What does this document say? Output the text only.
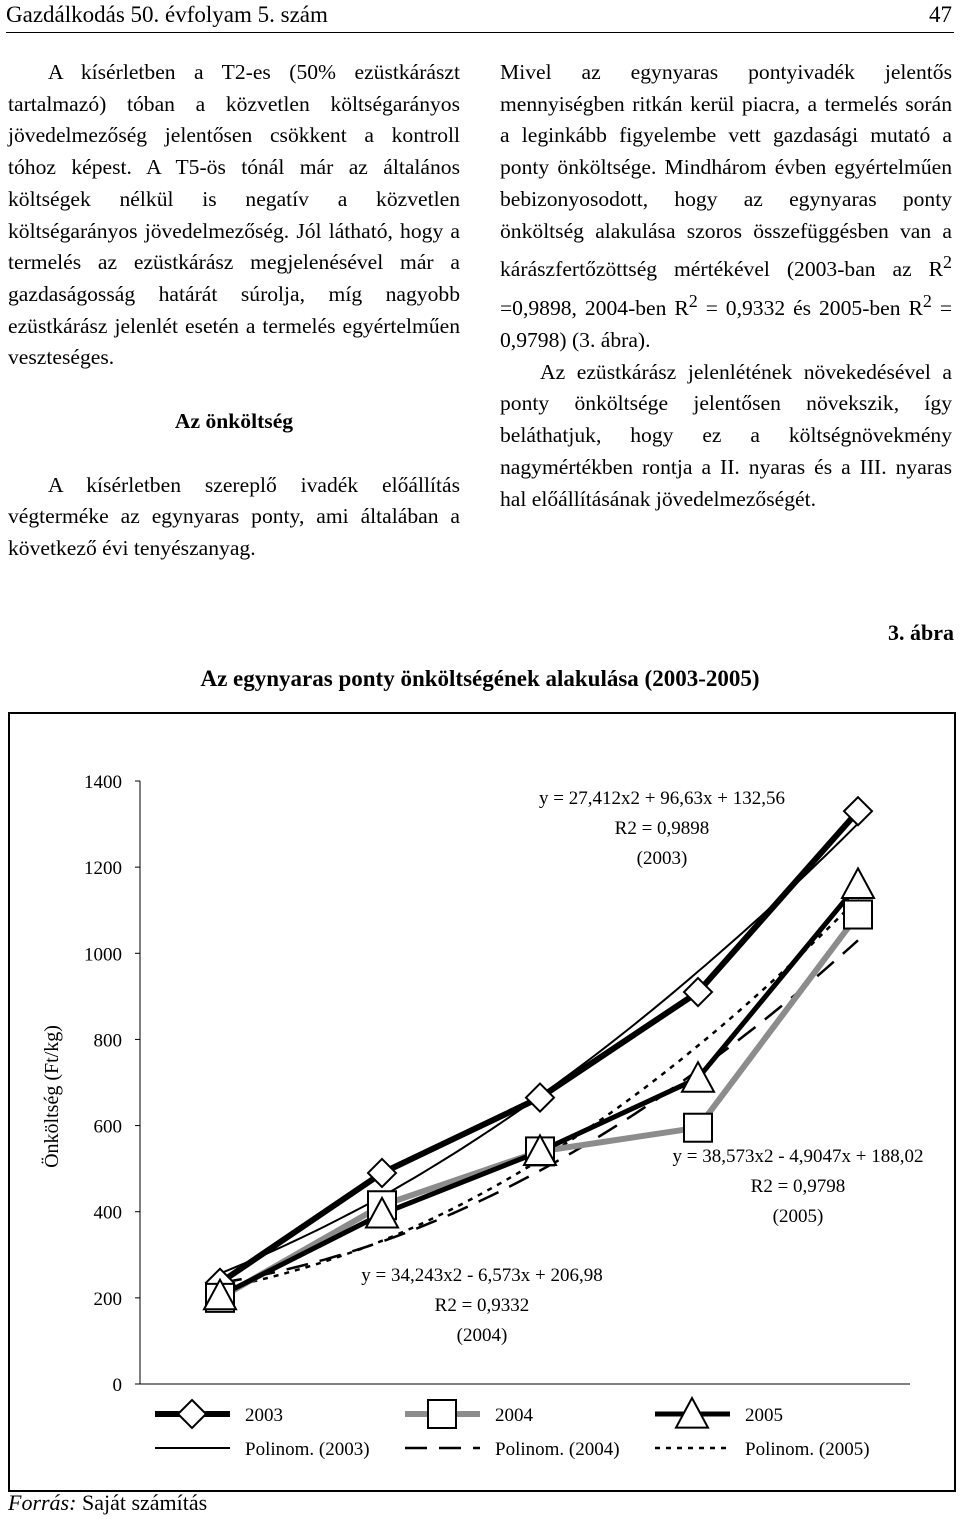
Gazdálkodás 50. évfolyam 5. szám	47

A kísérletben a T2-es (50% ezüstkárászt tartalmazó) tóban a közvetlen költségarányos jövedelmezőség jelentősen csökkent a kontroll tóhoz képest. A T5-ös tónál már az általános költségek nélkül is negatív a közvetlen költségarányos jövedelmezőség. Jól látható, hogy a termelés az ezüstkárász megjelenésével már a gazdaságosság határát súrolja, míg nagyobb ezüstkárász jelenlét esetén a termelés egyértelműen veszteséges.

Az önköltség

A kísérletben szereplő ivadék előállítás végterméke az egynyaras ponty, ami általában a következő évi tenyészanyag.

Mivel az egynyaras pontyivadék jelentős mennyiségben ritkán kerül piacra, a termelés során a leginkább figyelembe vett gazdasági mutató a ponty önköltsége. Mindhárom évben egyértelműen bebizonyosodott, hogy az egynyaras ponty önköltség alakulása szoros összefüggésben van a kárászfertőzöttség mértékével (2003-ban az $R^2 =0,9898$, 2004-ben $R^2 = 0,9332$ és 2005-ben $R^2 = 0,9798$) (3. ábra).

Az ezüstkárász jelenlétének növekedésével a ponty önköltsége jelentősen növekszik, így beláthatjuk, hogy ez a költségnövekmény nagymértékben rontja a II. nyaras és a III. nyaras hal előállításának jövedelmezőségét.

3. ábra
Az egynyaras ponty önköltségének alakulása (2003-2005)
0
200
400
600
800
1000
1200
1400
Önköltség (Ft/kg)
y = 27,412x2 + 96,63x + 132,56
R2 = 0,9898
(2003)
y = 38,573x2 - 4,9047x + 188,02
R2 = 0,9798
(2005)
y = 34,243x2 - 6,573x + 206,98
R2 = 0,9332
(2004)
2003	2004	2005
Polinom. (2003)	Polinom. (2004)	Polinom. (2005)
Forrás: Saját számítás
